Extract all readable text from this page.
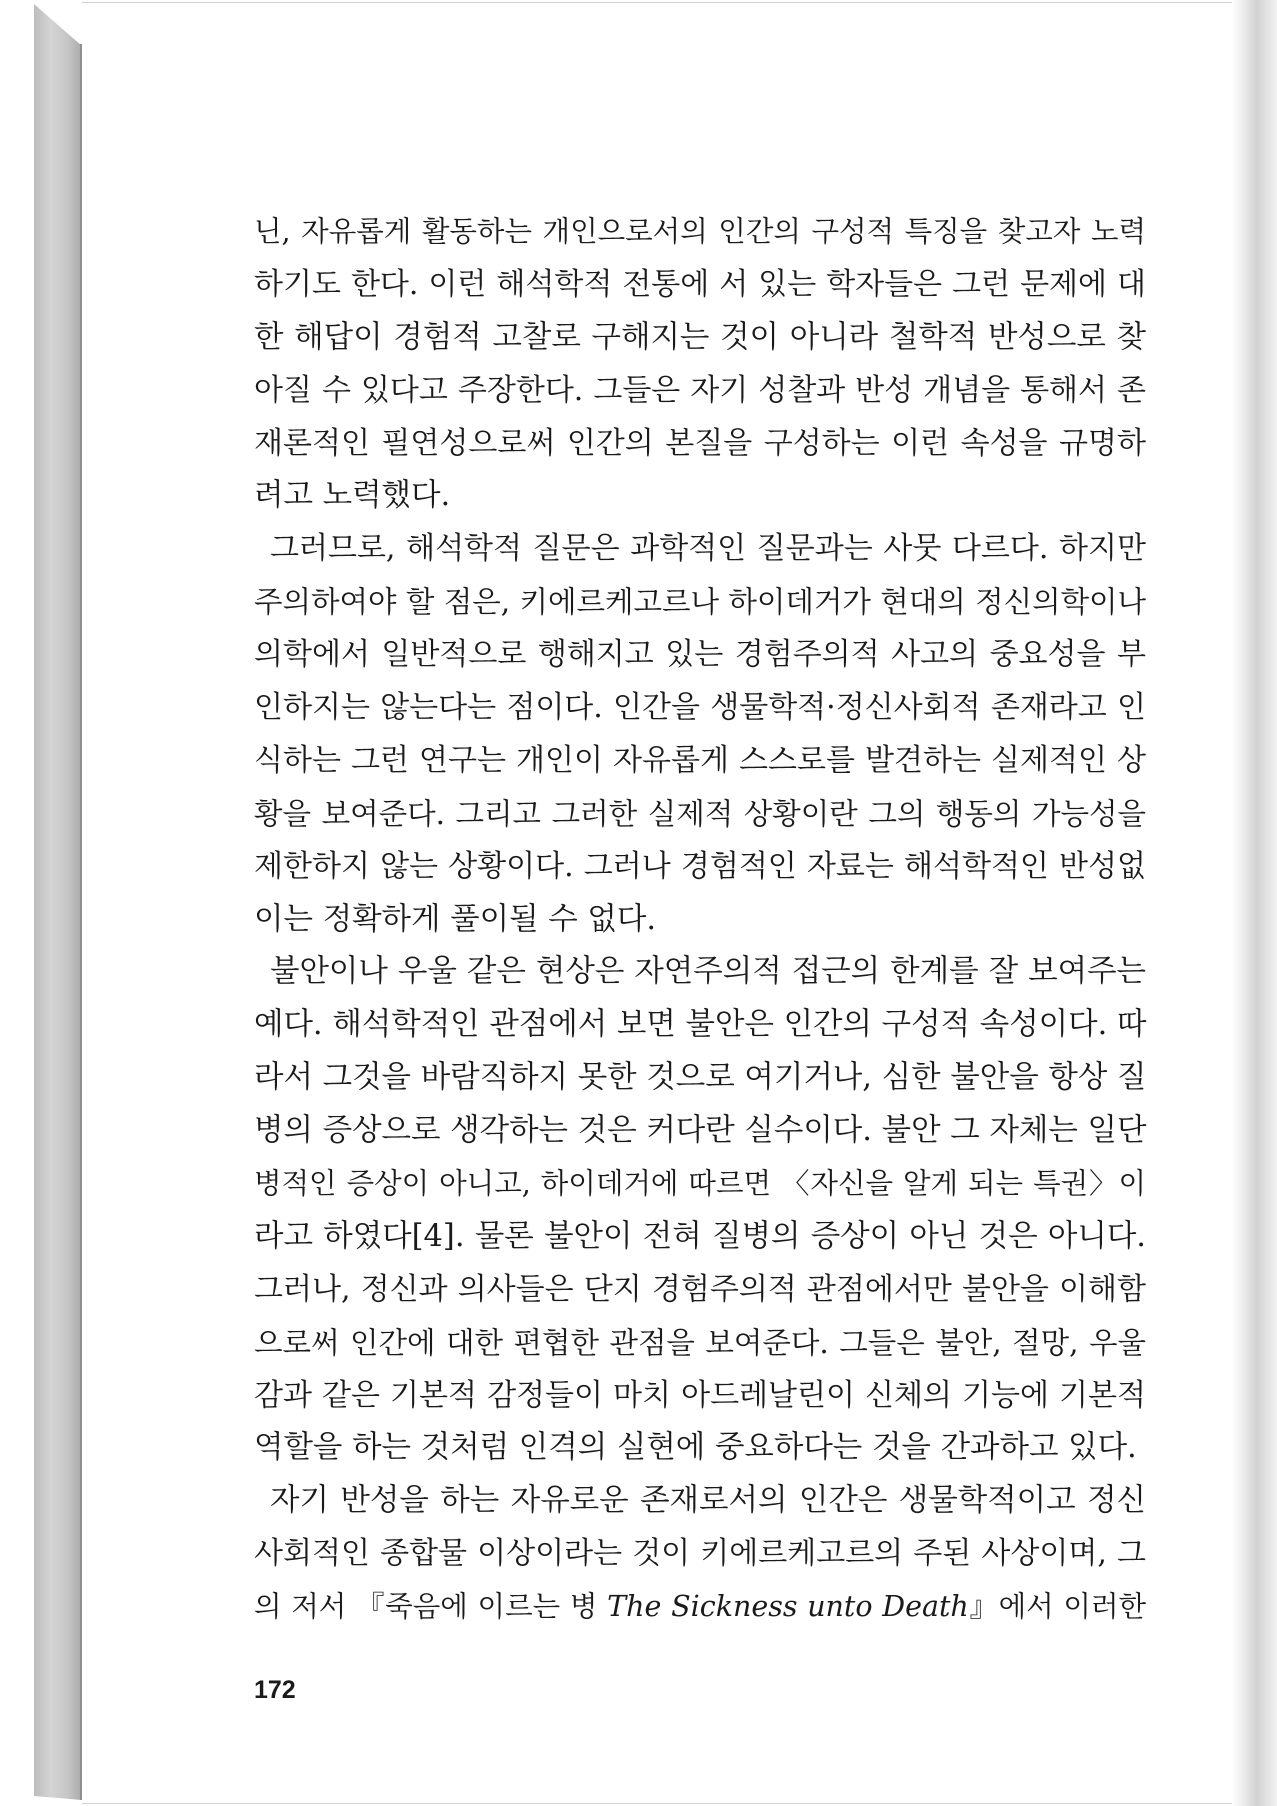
닌, 자유롭게 활동하는 개인으로서의 인간의 구성적 특징을 찾고자 노력
하기도 한다. 이런 해석학적 전통에 서 있는 학자들은 그런 문제에 대
한 해답이 경험적 고찰로 구해지는 것이 아니라 철학적 반성으로 찾
아질 수 있다고 주장한다. 그들은 자기 성찰과 반성 개념을 통해서 존
재론적인 필연성으로써 인간의 본질을 구성하는 이런 속성을 규명하
려고 노력했다.
그러므로, 해석학적 질문은 과학적인 질문과는 사뭇 다르다. 하지만
주의하여야 할 점은, 키에르케고르나 하이데거가 현대의 정신의학이나
의학에서 일반적으로 행해지고 있는 경험주의적 사고의 중요성을 부
인하지는 않는다는 점이다. 인간을 생물학적·정신사회적 존재라고 인
식하는 그런 연구는 개인이 자유롭게 스스로를 발견하는 실제적인 상
황을 보여준다. 그리고 그러한 실제적 상황이란 그의 행동의 가능성을
제한하지 않는 상황이다. 그러나 경험적인 자료는 해석학적인 반성없
이는 정확하게 풀이될 수 없다.
불안이나 우울 같은 현상은 자연주의적 접근의 한계를 잘 보여주는
예다. 해석학적인 관점에서 보면 불안은 인간의 구성적 속성이다. 따
라서 그것을 바람직하지 못한 것으로 여기거나, 심한 불안을 항상 질
병의 증상으로 생각하는 것은 커다란 실수이다. 불안 그 자체는 일단
병적인 증상이 아니고, 하이데거에 따르면 〈자신을 알게 되는 특권〉이
라고 하였다[4]. 물론 불안이 전혀 질병의 증상이 아닌 것은 아니다.
그러나, 정신과 의사들은 단지 경험주의적 관점에서만 불안을 이해함
으로써 인간에 대한 편협한 관점을 보여준다. 그들은 불안, 절망, 우울
감과 같은 기본적 감정들이 마치 아드레날린이 신체의 기능에 기본적
역할을 하는 것처럼 인격의 실현에 중요하다는 것을 간과하고 있다.
자기 반성을 하는 자유로운 존재로서의 인간은 생물학적이고 정신
사회적인 종합물 이상이라는 것이 키에르케고르의 주된 사상이며, 그
의 저서 『죽음에 이르는 병 The Sickness unto Death』에서 이러한
172
